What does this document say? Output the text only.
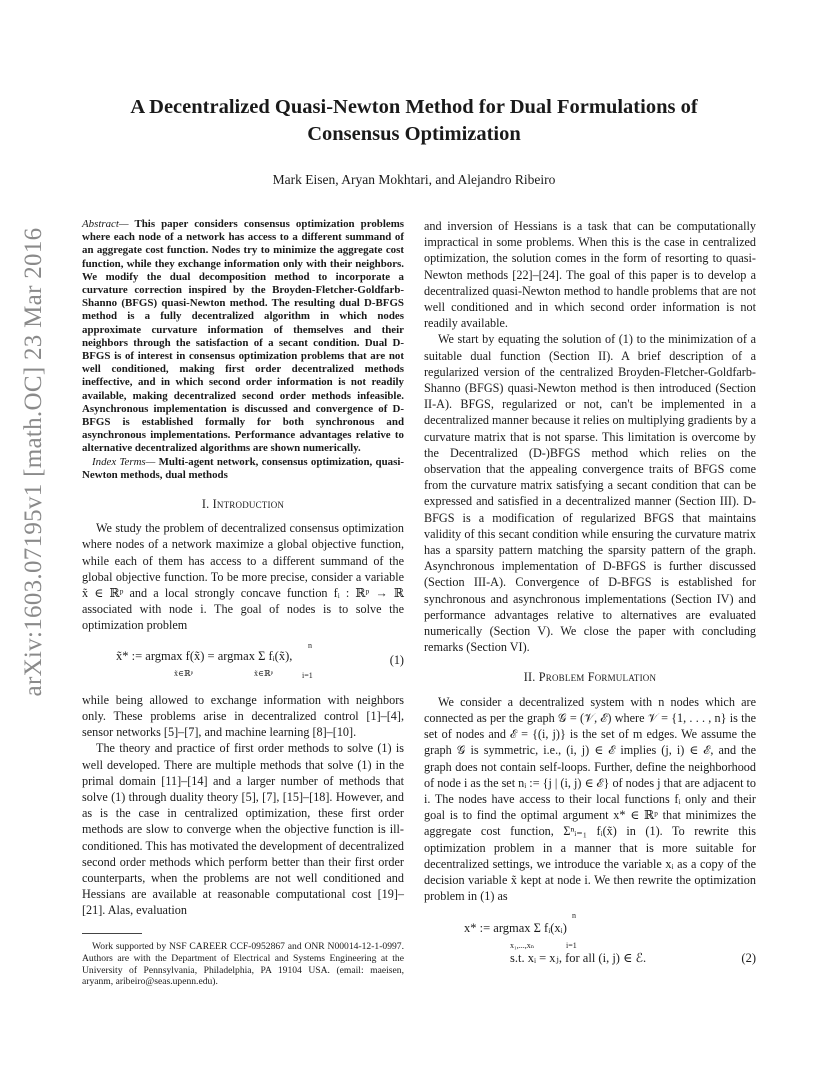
arXiv:1603.07195v1 [math.OC] 23 Mar 2016
A Decentralized Quasi-Newton Method for Dual Formulations of Consensus Optimization
Mark Eisen, Aryan Mokhtari, and Alejandro Ribeiro

Abstract— This paper considers consensus optimization problems where each node of a network has access to a different summand of an aggregate cost function. Nodes try to minimize the aggregate cost function, while they exchange information only with their neighbors. We modify the dual decomposition method to incorporate a curvature correction inspired by the Broyden-Fletcher-Goldfarb-Shanno (BFGS) quasi-Newton method. The resulting dual D-BFGS method is a fully decentralized algorithm in which nodes approximate curvature information of themselves and their neighbors through the satisfaction of a secant condition. Dual D-BFGS is of interest in consensus optimization problems that are not well conditioned, making first order decentralized methods ineffective, and in which second order information is not readily available, making decentralized second order methods infeasible. Asynchronous implementation is discussed and convergence of D-BFGS is established formally for both synchronous and asynchronous implementations. Performance advantages relative to alternative decentralized algorithms are shown numerically.

Index Terms— Multi-agent network, consensus optimization, quasi-Newton methods, dual methods

I. Introduction

We study the problem of decentralized consensus optimization where nodes of a network maximize a global objective function, while each of them has access to a different summand of the global objective function. To be more precise, consider a variable x̃ ∈ ℝᵖ and a local strongly concave function fᵢ : ℝᵖ → ℝ associated with node i. The goal of nodes is to solve the optimization problem

x̃* := argmax f(x̃) = argmax Σ fᵢ(x̃),
x̃∈ℝᵖ	x̃∈ℝᵖ
n
i=1
(1)

while being allowed to exchange information with neighbors only. These problems arise in decentralized control [1]–[4], sensor networks [5]–[7], and machine learning [8]–[10].

The theory and practice of first order methods to solve (1) is well developed. There are multiple methods that solve (1) in the primal domain [11]–[14] and a larger number of methods that solve (1) through duality theory [5], [7], [15]–[18]. However, and as is the case in centralized optimization, these first order methods are slow to converge when the objective function is ill-conditioned. This has motivated the development of decentralized second order methods which perform better than their first order counterparts, when the problems are not well conditioned and Hessians are available at reasonable computational cost [19]–[21]. Alas, evaluation

Work supported by NSF CAREER CCF-0952867 and ONR N00014-12-1-0997. Authors are with the Department of Electrical and Systems Engineering at the University of Pennsylvania, Philadelphia, PA 19104 USA. (email: maeisen, aryanm, aribeiro@seas.upenn.edu).

and inversion of Hessians is a task that can be computationally impractical in some problems. When this is the case in centralized optimization, the solution comes in the form of resorting to quasi-Newton methods [22]–[24]. The goal of this paper is to develop a decentralized quasi-Newton method to handle problems that are not well conditioned and in which second order information is not readily available.

We start by equating the solution of (1) to the minimization of a suitable dual function (Section II). A brief description of a regularized version of the centralized Broyden-Fletcher-Goldfarb-Shanno (BFGS) quasi-Newton method is then introduced (Section II-A). BFGS, regularized or not, can't be implemented in a decentralized manner because it relies on multiplying gradients by a curvature matrix that is not sparse. This limitation is overcome by the Decentralized (D-)BFGS method which relies on the observation that the appealing convergence traits of BFGS come from the curvature matrix satisfying a secant condition that can be expressed and satisfied in a decentralized manner (Section III). D-BFGS is a modification of regularized BFGS that maintains validity of this secant condition while ensuring the curvature matrix has a sparsity pattern matching the sparsity pattern of the graph. Asynchronous implementation of D-BFGS is further discussed (Section III-A). Convergence of D-BFGS is established for synchronous and asynchronous implementations (Section IV) and performance advantages relative to alternatives are evaluated numerically (Section V). We close the paper with concluding remarks (Section VI).

II. Problem Formulation

We consider a decentralized system with n nodes which are connected as per the graph 𝒢 = (𝒱, ℰ) where 𝒱 = {1, . . . , n} is the set of nodes and ℰ = {(i, j)} is the set of m edges. We assume the graph 𝒢 is symmetric, i.e., (i, j) ∈ ℰ implies (j, i) ∈ ℰ, and the graph does not contain self-loops. Further, define the neighborhood of node i as the set nᵢ := {j | (i, j) ∈ ℰ} of nodes j that are adjacent to i. The nodes have access to their local functions fᵢ only and their goal is to find the optimal argument x* ∈ ℝᵖ that minimizes the aggregate cost function, Σⁿᵢ₌₁ fᵢ(x̃) in (1). To rewrite this optimization problem in a manner that is more suitable for decentralized settings, we introduce the variable xᵢ as a copy of the decision variable x̃ kept at node i. We then rewrite the optimization problem in (1) as

x* := argmax Σ fᵢ(xᵢ)
x₁,...,xₙ
n
i=1
s.t. xᵢ = xⱼ, for all (i, j) ∈ ℰ.	(2)
